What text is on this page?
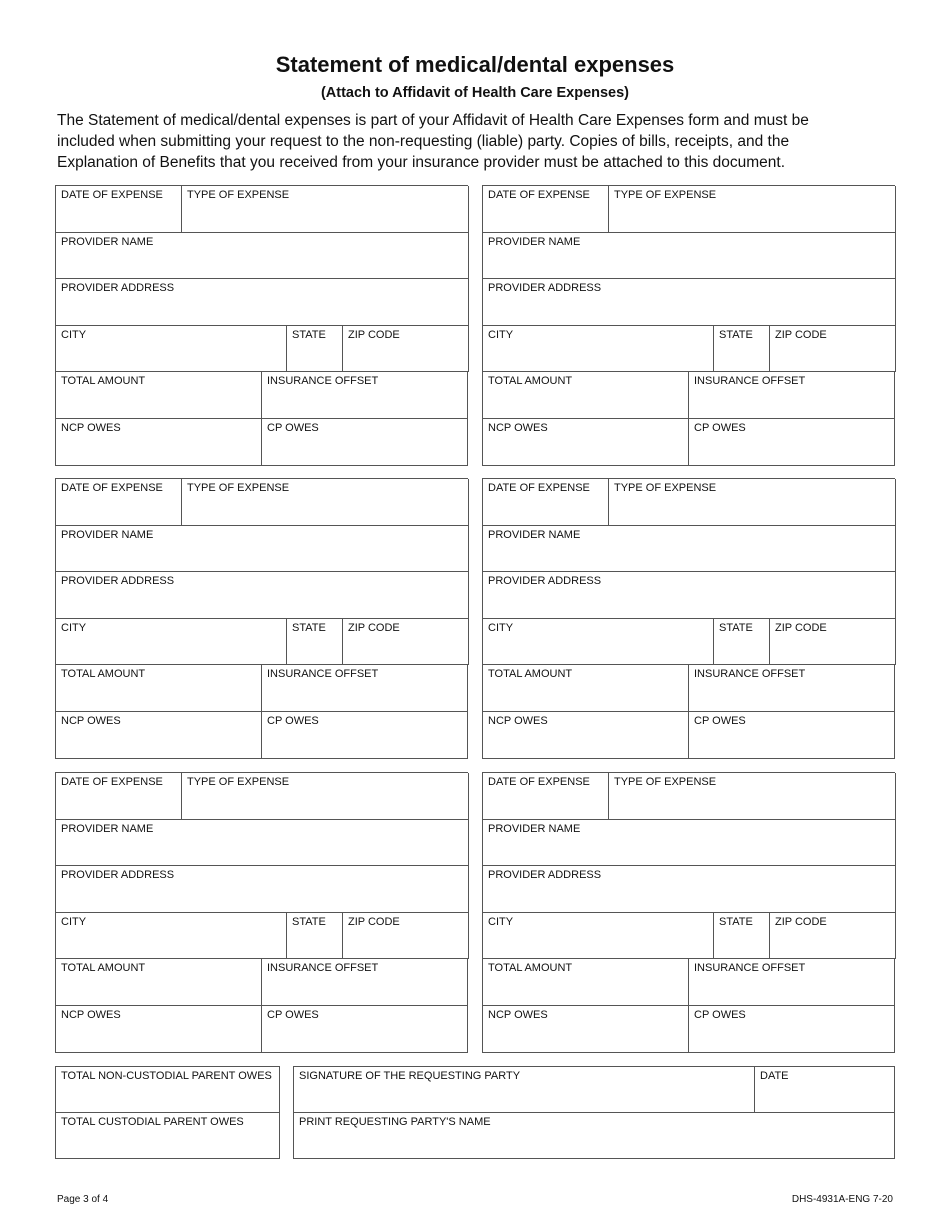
Statement of medical/dental expenses
(Attach to Affidavit of Health Care Expenses)
The Statement of medical/dental expenses is part of your Affidavit of Health Care Expenses form and must be
included when submitting your request to the non-requesting (liable) party. Copies of bills, receipts, and the
Explanation of Benefits that you received from your insurance provider must be attached to this document.
DATE OF EXPENSE	TYPE OF EXPENSE
PROVIDER NAME
PROVIDER ADDRESS
CITY	STATE	ZIP CODE
TOTAL AMOUNT	INSURANCE OFFSET
NCP OWES	CP OWES
DATE OF EXPENSE	TYPE OF EXPENSE
PROVIDER NAME
PROVIDER ADDRESS
CITY	STATE	ZIP CODE
TOTAL AMOUNT	INSURANCE OFFSET
NCP OWES	CP OWES
DATE OF EXPENSE	TYPE OF EXPENSE
PROVIDER NAME
PROVIDER ADDRESS
CITY	STATE	ZIP CODE
TOTAL AMOUNT	INSURANCE OFFSET
NCP OWES	CP OWES
DATE OF EXPENSE	TYPE OF EXPENSE
PROVIDER NAME
PROVIDER ADDRESS
CITY	STATE	ZIP CODE
TOTAL AMOUNT	INSURANCE OFFSET
NCP OWES	CP OWES
DATE OF EXPENSE	TYPE OF EXPENSE
PROVIDER NAME
PROVIDER ADDRESS
CITY	STATE	ZIP CODE
TOTAL AMOUNT	INSURANCE OFFSET
NCP OWES	CP OWES
DATE OF EXPENSE	TYPE OF EXPENSE
PROVIDER NAME
PROVIDER ADDRESS
CITY	STATE	ZIP CODE
TOTAL AMOUNT	INSURANCE OFFSET
NCP OWES	CP OWES
TOTAL NON-CUSTODIAL PARENT OWES
TOTAL CUSTODIAL PARENT OWES
SIGNATURE OF THE REQUESTING PARTY	DATE
PRINT REQUESTING PARTY'S NAME
Page 3 of 4	DHS-4931A-ENG 7-20
